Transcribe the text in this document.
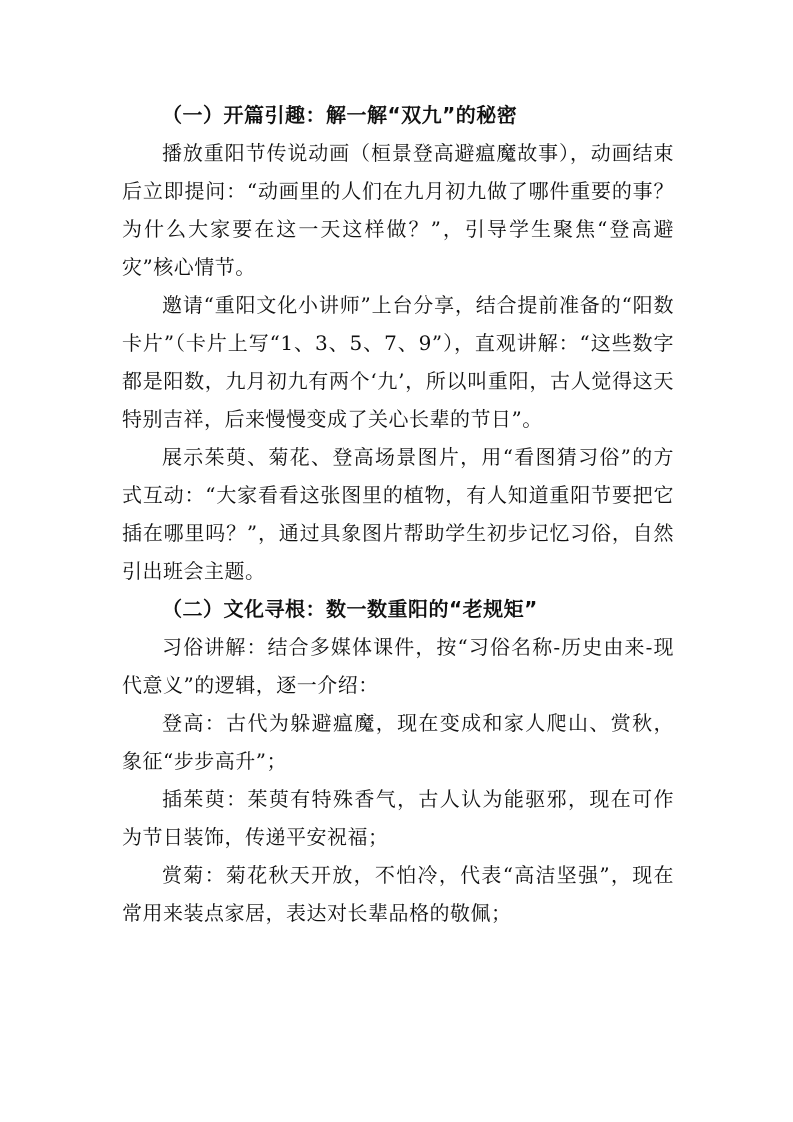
（一）开篇引趣：解一解“双九”的秘密

播放重阳节传说动画（桓景登高避瘟魔故事），动画结束后立即提问：“动画里的人们在九月初九做了哪件重要的事？为什么大家要在这一天这样做？”，引导学生聚焦“登高避灾”核心情节。

邀请“重阳文化小讲师”上台分享，结合提前准备的“阳数卡片”（卡片上写“1、3、5、7、9”），直观讲解：“这些数字都是阳数，九月初九有两个‘九’，所以叫重阳，古人觉得这天特别吉祥，后来慢慢变成了关心长辈的节日”。

展示茱萸、菊花、登高场景图片，用“看图猜习俗”的方式互动：“大家看看这张图里的植物，有人知道重阳节要把它插在哪里吗？”，通过具象图片帮助学生初步记忆习俗，自然引出班会主题。

（二）文化寻根：数一数重阳的“老规矩”

习俗讲解：结合多媒体课件，按“习俗名称-历史由来-现代意义”的逻辑，逐一介绍：

登高：古代为躲避瘟魔，现在变成和家人爬山、赏秋，象征“步步高升”；

插茱萸：茱萸有特殊香气，古人认为能驱邪，现在可作为节日装饰，传递平安祝福；

赏菊：菊花秋天开放，不怕冷，代表“高洁坚强”，现在常用来装点家居，表达对长辈品格的敬佩；
